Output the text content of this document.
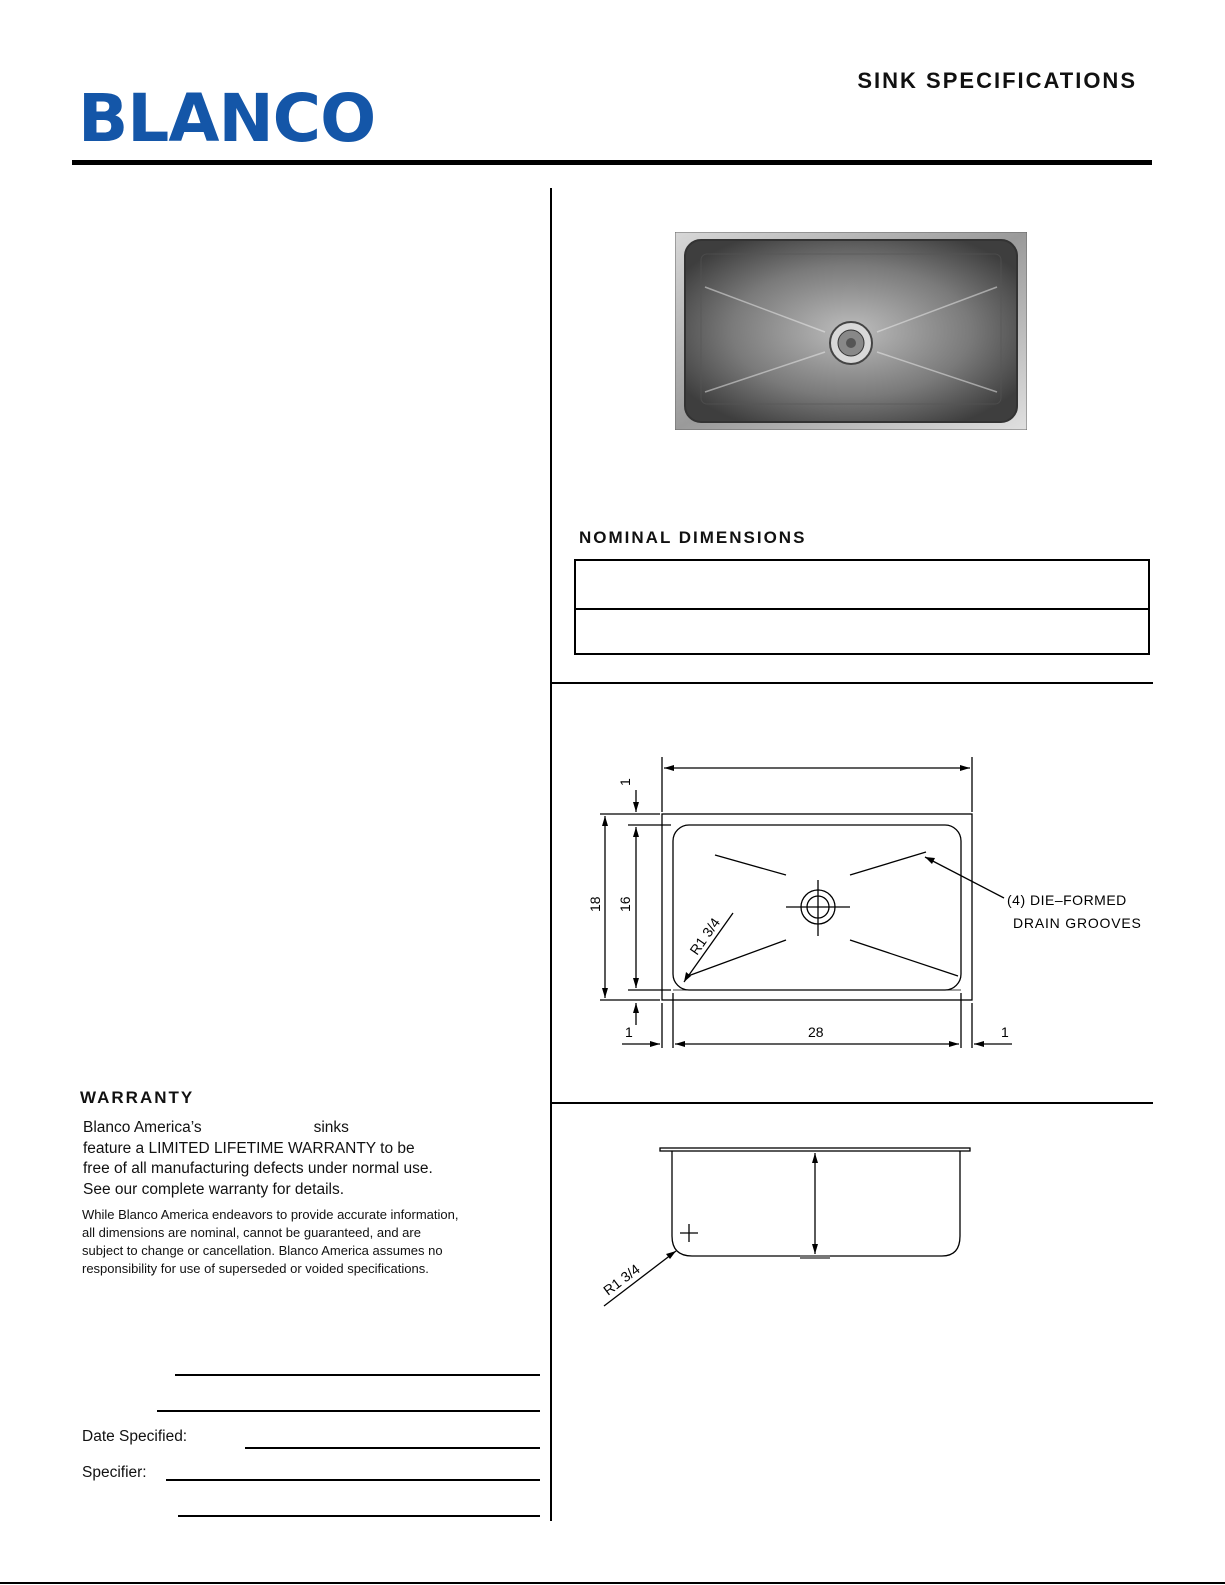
BLANCO	SINK SPECIFICATIONS
NOMINAL DIMENSIONS
1
18 16
1	28	1
R1 3/4
(4) DIE–FORMED
DRAIN GROOVES
R1 3/4
WARRANTY
Blanco America’s	sinks
feature a LIMITED LIFETIME WARRANTY to be
free of all manufacturing defects under normal use.
See our complete warranty for details.
While Blanco America endeavors to provide accurate information, all dimensions are nominal, cannot be guaranteed, and are subject to change or cancellation. Blanco America assumes no responsibility for use of superseded or voided specifications.
Date Specified:
Specifier:
